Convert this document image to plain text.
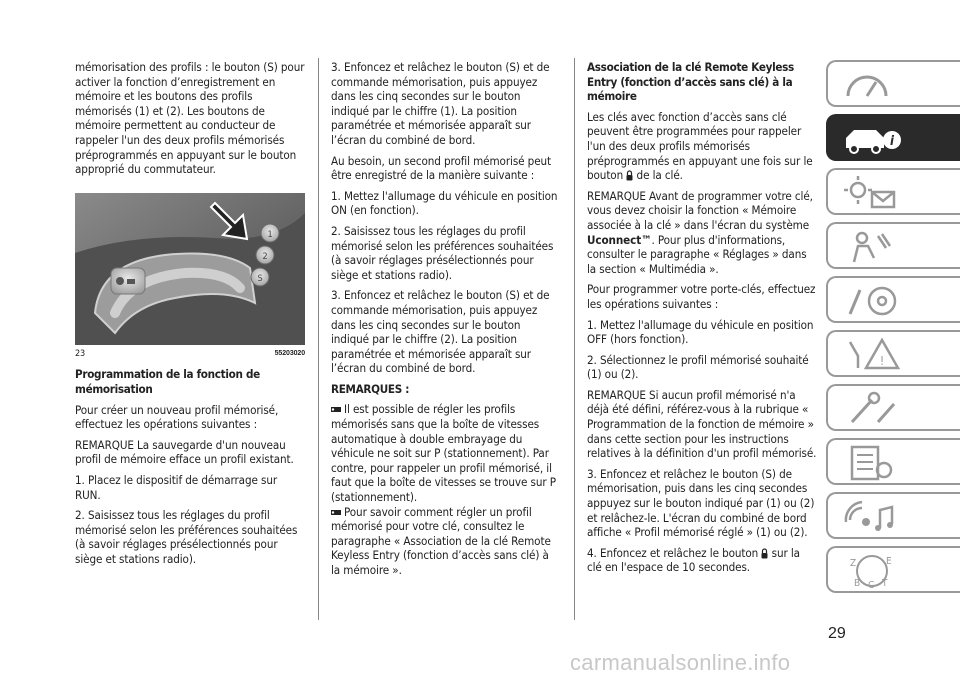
mémorisation des profils : le bouton (S) pour activer la fonction d’enregistrement en mémoire et les boutons des profils mémorisés (1) et (2). Les boutons de mémoire permettent au conducteur de rappeler l'un des deux profils mémorisés préprogrammés en appuyant sur le bouton approprié du commutateur.

1
2
S
23	55203020

Programmation de la fonction de mémorisation

Pour créer un nouveau profil mémorisé, effectuez les opérations suivantes :

REMARQUE La sauvegarde d'un nouveau profil de mémoire efface un profil existant.

1. Placez le dispositif de démarrage sur RUN.

2. Saisissez tous les réglages du profil mémorisé selon les préférences souhaitées (à savoir réglages présélectionnés pour siège et stations radio).

3. Enfoncez et relâchez le bouton (S) et de commande mémorisation, puis appuyez dans les cinq secondes sur le bouton indiqué par le chiffre (1). La position paramétrée et mémorisée apparaît sur l’écran du combiné de bord.

Au besoin, un second profil mémorisé peut être enregistré de la manière suivante :

1. Mettez l'allumage du véhicule en position ON (en fonction).

2. Saisissez tous les réglages du profil mémorisé selon les préférences souhaitées (à savoir réglages présélectionnés pour siège et stations radio).

3. Enfoncez et relâchez le bouton (S) et de commande mémorisation, puis appuyez dans les cinq secondes sur le bouton indiqué par le chiffre (2). La position paramétrée et mémorisée apparaît sur l’écran du combiné de bord.

REMARQUES :

Il est possible de régler les profils mémorisés sans que la boîte de vitesses automatique à double embrayage du véhicule ne soit sur P (stationnement). Par contre, pour rappeler un profil mémorisé, il faut que la boîte de vitesses se trouve sur P (stationnement).

Pour savoir comment régler un profil mémorisé pour votre clé, consultez le paragraphe « Association de la clé Remote Keyless Entry (fonction d’accès sans clé) à la mémoire ».

Association de la clé Remote Keyless Entry (fonction d’accès sans clé) à la mémoire

Les clés avec fonction d’accès sans clé peuvent être programmées pour rappeler l'un des deux profils mémorisés préprogrammés en appuyant une fois sur le bouton de la clé.

REMARQUE Avant de programmer votre clé, vous devez choisir la fonction « Mémoire associée à la clé » dans l'écran du système Uconnect™. Pour plus d'informations, consulter le paragraphe « Réglages » dans la section « Multimédia ».

Pour programmer votre porte-clés, effectuez les opérations suivantes :

1. Mettez l'allumage du véhicule en position OFF (hors fonction).

2. Sélectionnez le profil mémorisé souhaité (1) ou (2).

REMARQUE Si aucun profil mémorisé n'a déjà été défini, référez-vous à la rubrique « Programmation de la fonction de mémoire » dans cette section pour les instructions relatives à la définition d'un profil mémorisé.

3. Enfoncez et relâchez le bouton (S) de mémorisation, puis dans les cinq secondes appuyez sur le bouton indiqué par (1) ou (2) et relâchez-le. L'écran du combiné de bord affiche « Profil mémorisé réglé » (1) ou (2).

4. Enfoncez et relâchez le bouton sur la clé en l'espace de 10 secondes.

i
!
Z	E
B C T
29
carmanualsonline.info
